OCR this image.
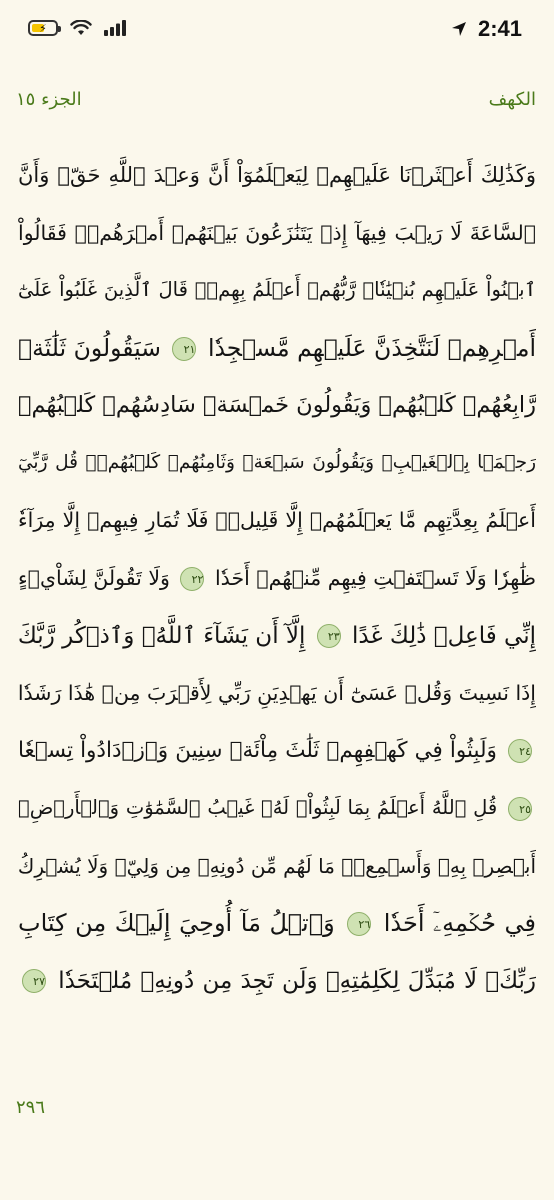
⚡	2:41
الكهف
الجزء ١٥
وَكَذَٰلِكَ أَعۡثَرۡنَا عَلَيۡهِمۡ لِيَعۡلَمُوٓاْ أَنَّ وَعۡدَ ٱللَّهِ حَقّٞ وَأَنَّ
ٱلسَّاعَةَ لَا رَيۡبَ فِيهَآ إِذۡ يَتَنَٰزَعُونَ بَيۡنَهُمۡ أَمۡرَهُمۡۖ فَقَالُواْ
ٱبۡنُواْ عَلَيۡهِم بُنۡيَٰنٗاۖ رَّبُّهُمۡ أَعۡلَمُ بِهِمۡۚ قَالَ ٱلَّذِينَ غَلَبُواْ عَلَىٰٓ
أَمۡرِهِمۡ لَنَتَّخِذَنَّ عَلَيۡهِم مَّسۡجِدٗا ٢١ سَيَقُولُونَ ثَلَٰثَةٞ
رَّابِعُهُمۡ كَلۡبُهُمۡ وَيَقُولُونَ خَمۡسَةٞ سَادِسُهُمۡ كَلۡبُهُمۡ
رَجۡمَۢا بِٱلۡغَيۡبِۖ وَيَقُولُونَ سَبۡعَةٞ وَثَامِنُهُمۡ كَلۡبُهُمۡۚ قُل رَّبِّيٓ
أَعۡلَمُ بِعِدَّتِهِم مَّا يَعۡلَمُهُمۡ إِلَّا قَلِيلٞۗ فَلَا تُمَارِ فِيهِمۡ إِلَّا مِرَآءٗ
ظَٰهِرٗا وَلَا تَسۡتَفۡتِ فِيهِم مِّنۡهُمۡ أَحَدٗا ٢٢ وَلَا تَقُولَنَّ لِشَاْيۡءٍ
إِنِّي فَاعِلٞ ذَٰلِكَ غَدًا ٢٣ إِلَّآ أَن يَشَآءَ ٱللَّهُۚ وَٱذۡكُر رَّبَّكَ
إِذَا نَسِيتَ وَقُلۡ عَسَىٰٓ أَن يَهۡدِيَنِ رَبِّي لِأَقۡرَبَ مِنۡ هَٰذَا رَشَدٗا
٢٤ وَلَبِثُواْ فِي كَهۡفِهِمۡ ثَلَٰثَ مِاْئَةٖ سِنِينَ وَٱزۡدَادُواْ تِسۡعٗا
٢٥ قُلِ ٱللَّهُ أَعۡلَمُ بِمَا لَبِثُواْۖ لَهُۥ غَيۡبُ ٱلسَّمَٰوَٰتِ وَٱلۡأَرۡضِۖ
أَبۡصِرۡ بِهِۦ وَأَسۡمِعۡۚ مَا لَهُم مِّن دُونِهِۦ مِن وَلِيّٖ وَلَا يُشۡرِكُ
فِي حُكۡمِهِۦٓ أَحَدٗا ٢٦ وَٱتۡلُ مَآ أُوحِيَ إِلَيۡكَ مِن كِتَابِ
رَبِّكَۖ لَا مُبَدِّلَ لِكَلِمَٰتِهِۦ وَلَن تَجِدَ مِن دُونِهِۦ مُلۡتَحَدٗا ٢٧
٢٩٦
